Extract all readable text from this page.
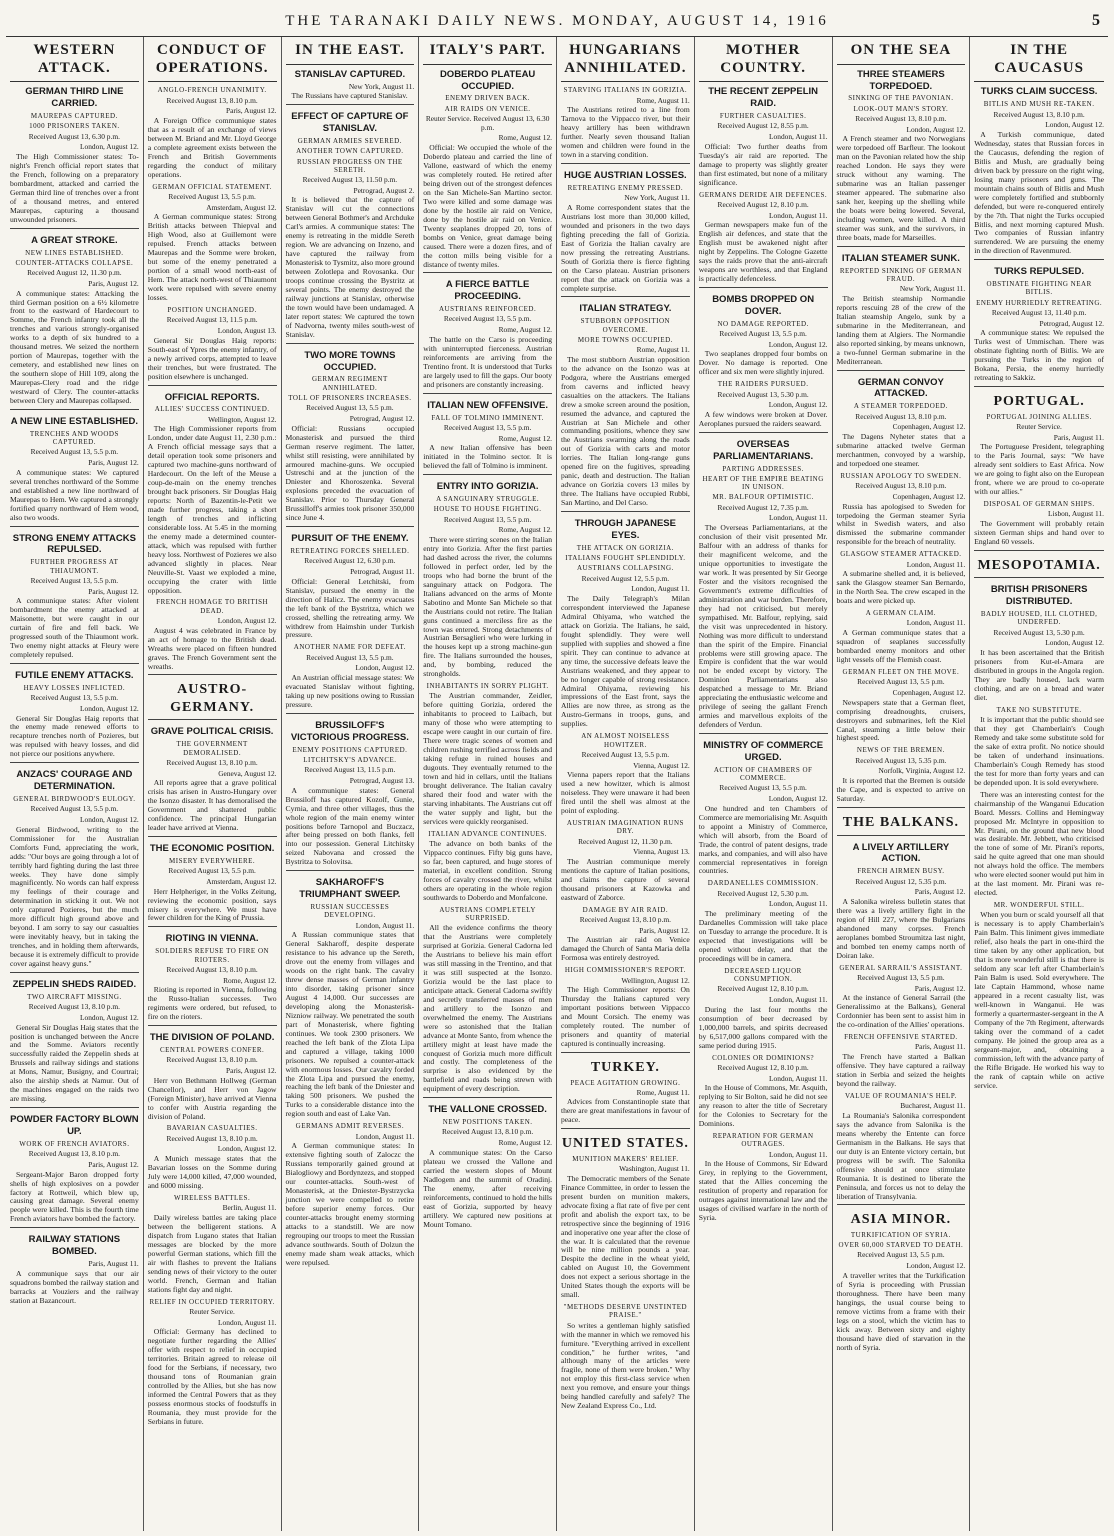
THE TARANAKI DAILY NEWS. MONDAY, AUGUST 14, 1916	5
WESTERN ATTACK.
GERMAN THIRD LINE CARRIED.
MAUREPAS CAPTURED.
1000 PRISONERS TAKEN.
Received August 13, 6.30 p.m.
London, August 12.
The High Commissioner states: To-night's French official report states that the French, following on a preparatory bombardment, attacked and carried the German third line of trenches over a front of a thousand metres, and entered Maurepas, capturing a thousand unwounded prisoners.
A GREAT STROKE.
NEW LINES ESTABLISHED.
COUNTER-ATTACKS COLLAPSE.
Received August 12, 11.30 p.m.
Paris, August 12.
A communique states: Attacking the third German position on a 6½ kilometre front to the eastward of Hardecourt to Somme, the French infantry took all the trenches and various strongly-organised works to a depth of six hundred to a thousand metres. We seized the northern portion of Maurepas, together with the cemetery, and established new lines on the southern slope of Hill 109, along the Maurepas-Clery road and the ridge westward of Clery. The counter-attacks between Clery and Maurepas collapsed.
A NEW LINE ESTABLISHED.
TRENCHES AND WOODS CAPTURED.
Received August 13, 5.5 p.m.
Paris, August 12.
A communique states: We captured several trenches northward of the Somme and established a new line northward of Maurepas to Hem. We captured a strongly fortified quarry northward of Hem wood, also two woods.
STRONG ENEMY ATTACKS REPULSED.
FURTHER PROGRESS AT THIAUMONT.
Received August 13, 5.5 p.m.
Paris, August 12.
A communique states: After violent bombardment the enemy attacked at Maisonette, but were caught in our curtain of fire and fell back. We progressed south of the Thiaumont work. Two enemy night attacks at Fleury were completely repulsed.
FUTILE ENEMY ATTACKS.
HEAVY LOSSES INFLICTED.
Received August 13, 5.5 p.m.
London, August 12.
General Sir Douglas Haig reports that the enemy made renewed efforts to recapture trenches north of Pozieres, but was repulsed with heavy losses, and did not pierce our positions anywhere.
ANZACS' COURAGE AND DETERMINATION.
GENERAL BIRDWOOD'S EULOGY.
Received August 13, 5.5 p.m.
London, August 12.
General Birdwood, writing to the Commissioner for the Australian Comforts Fund, appreciating the work, adds: "Our boys are going through a lot of terribly hard fighting during the last three weeks. They have done simply magnificently. No words can half express my feelings of their courage and determination in sticking it out. We not only captured Pozieres, but the much more difficult high ground above and beyond. I am sorry to say our casualties were inevitably heavy, but in taking the trenches, and in holding them afterwards, because it is extremely difficult to provide cover against heavy guns."
ZEPPELIN SHEDS RAIDED.
TWO AIRCRAFT MISSING.
Received August 13, 8.10 p.m.
London, August 12.
General Sir Douglas Haig states that the position is unchanged between the Ancre and the Somme. Aviators recently successfully raided the Zeppelin sheds at Brussels and railway sidings and stations at Mons, Namur, Busigny, and Courtrai; also the airship sheds at Namur. Out of the machines engaged on the raids two are missing.
POWDER FACTORY BLOWN UP.
WORK OF FRENCH AVIATORS.
Received August 13, 8.10 p.m.
Paris, August 12.
Sergeant-Major Baron dropped forty shells of high explosives on a powder factory at Rottweil, which blew up, causing great damage. Several enemy people were killed. This is the fourth time French aviators have bombed the factory.
RAILWAY STATIONS BOMBED.
Paris, August 11.
A communique says that our air squadrons bombed the railway station and barracks at Vouziers and the railway station at Bazancourt.
CONDUCT OF OPERATIONS.
ANGLO-FRENCH UNANIMITY.
Received August 13, 8.10 p.m.
Paris, August 12.
A Foreign Office communique states that as a result of an exchange of views between M. Briand and Mr. Lloyd George a complete agreement exists between the French and British Governments regarding the conduct of military operations.
GERMAN OFFICIAL STATEMENT.
Received August 13, 5.5 p.m.
Amsterdam, August 12.
A German communique states: Strong British attacks between Thiepval and High Wood, also at Guillemont were repulsed. French attacks between Maurepas and the Somme were broken, but some of the enemy penetrated a portion of a small wood north-east of Hem. The attack north-west of Thiaumont work were repulsed with severe enemy losses.
POSITION UNCHANGED.
Received August 13, 11.5 p.m.
London, August 13.
General Sir Douglas Haig reports: South-east of Ypres the enemy infantry, of a newly arrived corps, attempted to leave their trenches, but were frustrated. The position elsewhere is unchanged.
OFFICIAL REPORTS.
ALLIES' SUCCESS CONTINUED.
Wellington, August 12.
The High Commissioner reports from London, under date August 11, 2.30 p.m.: A French official message says that a detail operation took some prisoners and captured two machine-guns northward of Hardecourt. On the left of the Meuse a coup-de-main on the enemy trenches brought back prisoners. Sir Douglas Haig reports: North of Bazentin-le-Petit we made further progress, taking a short length of trenches and inflicting considerable loss. At 5.45 in the morning the enemy made a determined counter-attack, which was repulsed with further heavy loss. Northwest of Pozieres we also advanced slightly in places. Near Neuville-St. Vaast we exploded a mine, occupying the crater with little opposition.
FRENCH HOMAGE TO BRITISH DEAD.
London, August 12.
August 4 was celebrated in France by an act of homage to the British dead. Wreaths were placed on fifteen hundred graves. The French Government sent the wreaths.
AUSTRO-GERMANY.
GRAVE POLITICAL CRISIS.
THE GOVERNMENT DEMORALISED.
Received August 13, 8.10 p.m.
Geneva, August 12.
All reports agree that a grave political crisis has arisen in Austro-Hungary over the Isonzo disaster. It has demoralised the Government and shattered public confidence. The principal Hungarian leader have arrived at Vienna.
THE ECONOMIC POSITION.
MISERY EVERYWHERE.
Received August 13, 5.5 p.m.
Amsterdam, August 12.
Herr Helpheriger, in the Volks Zeitung, reviewing the economic position, says misery is everywhere. We must have fewer children for the King of Prussia.
RIOTING IN VIENNA.
SOLDIERS REFUSE TO FIRE ON RIOTERS.
Received August 13, 8.10 p.m.
Rome, August 12.
Rioting is reported in Vienna, following the Russo-Italian successes. Two regiments were ordered, but refused, to fire on the rioters.
THE DIVISION OF POLAND.
CENTRAL POWERS CONFER.
Received August 13, 8.10 p.m.
Paris, August 12.
Herr von Bethmann Hollweg (German Chancellor), and Herr von Jagow (Foreign Minister), have arrived at Vienna to confer with Austria regarding the division of Poland.
BAVARIAN CASUALTIES.
Received August 13, 8.10 p.m.
London, August 12.
A Munich message states that the Bavarian losses on the Somme during July were 14,000 killed, 47,000 wounded, and 6000 missing.
WIRELESS BATTLES.
Berlin, August 11.
Daily wireless battles are taking place between the belligerent stations. A dispatch from Lugano states that Italian messages are blocked by the more powerful German stations, which fill the air with flashes to prevent the Italians sending news of their victory to the outer world. French, German and Italian stations fight day and night.
RELIEF IN OCCUPIED TERRITORY.
Reuter Service.
London, August 11.
Official: Germany has declined to negotiate further regarding the Allies' offer with respect to relief in occupied territories. Britain agreed to release oil food for the Serbians, if necessary, two thousand tons of Roumanian grain controlled by the Allies, but she has now informed the Central Powers that as they possess enormous stocks of foodstuffs in Roumania, they must provide for the Serbians in future.
IN THE EAST.
STANISLAV CAPTURED.
New York, August 11.
The Russians have captured Stanislav.
EFFECT OF CAPTURE OF STANISLAV.
GERMAN ARMIES SEVERED.
ANOTHER TOWN CAPTURED.
RUSSIAN PROGRESS ON THE SERETH.
Received August 13, 11.50 p.m.
Petrograd, August 2.
It is believed that the capture of Stanislav will cut the connections between General Bothmer's and Archduke Carl's armies. A communique states: The enemy is retreating in the middle Sereth region. We are advancing on Inzeno, and have captured the railway from Monasterisk to Tysmitz, also more ground between Zolotlepa and Rovosanka. Our troops continue crossing the Bystritz at several points. The enemy destroyed the railway junctions at Stanislav, otherwise the town would have been undamaged. A later report states: We captured the town of Nadvorna, twenty miles south-west of Stanislav.
TWO MORE TOWNS OCCUPIED.
GERMAN REGIMENT ANNIHILATED.
TOLL OF PRISONERS INCREASES.
Received August 13, 5.5 p.m.
Petrograd, August 12.
Official: Russians occupied Monasterisk and pursued the third German reserve regiment. The latter, whilst still resisting, were annihilated by armoured machine-guns. We occupied Ustreschi and at the junction of the Dniester and Khoroszenka. Several explosions preceded the evacuation of Stanislav. Prior to Thursday General Brussilloff's armies took prisoner 350,000 since June 4.
PURSUIT OF THE ENEMY.
RETREATING FORCES SHELLED.
Received August 12, 6.30 p.m.
Petrograd, August 11.
Official: General Letchitski, from Stanislav, pursued the enemy in the direction of Halicz. The enemy evacuates the left bank of the Bystritza, which we crossed, shelling the retreating army. We withdrew from Haimshin under Turkish pressure.
ANOTHER NAME FOR DEFEAT.
Received August 13, 5.5 p.m.
London, August 12.
An Austrian official message states: We evacuated Stanislav without fighting, taking up new positions owing to Russian pressure.
BRUSSILOFF'S VICTORIOUS PROGRESS.
ENEMY POSITIONS CAPTURED.
LITCHITSKY'S ADVANCE.
Received August 13, 11.5 p.m.
Petrograd, August 13.
A communique states: General Brussiloff has captured Kozolf, Gunie, Cyrnia, and three other villages, thus the whole region of the main enemy winter positions before Tarnopol and Buczacz, after being pressed on both flanks, fell into our possession. General Litchitsky seized Nabovana and crossed the Bystritza to Solovitsa.
SAKHAROFF'S TRIUMPHANT SWEEP.
RUSSIAN SUCCESSES DEVELOPING.
London, August 11.
A Russian communique states that General Sakharoff, despite desperate resistance to his advance up the Sereth, drove out the enemy from villages and woods on the right bank. The cavalry threw dense masses of German infantry into disorder, taking prisoner since August 4 14,000. Our successes are developing along the Monasterisk-Nizniow railway. We penetrated the south part of Monasterisk, where fighting continues. We took 2300 prisoners. We reached the left bank of the Zlota Lipa and captured a village, taking 1000 prisoners. We repulsed a counter-attack with enormous losses. Our cavalry forded the Zlota Lipa and pursued the enemy, reaching the left bank of the Dniester and taking 500 prisoners. We pushed the Turks to a considerable distance into the region south and east of Lake Van.
GERMANS ADMIT REVERSES.
London, August 11.
A German communique states: In extensive fighting south of Zaloczc the Russians temporarily gained ground at Bialogliowy and Bordynzezs, and stopped our counter-attacks. South-west of Monasterisk, at the Dniester-Bystrzycka junction we were compelled to retire before superior enemy forces. Our counter-attacks brought enemy storming attacks to a standstill. We are now regrouping our troops to meet the Russian advance southwards. South of Dolzun the enemy made sham weak attacks, which were repulsed.
ITALY'S PART.
DOBERDO PLATEAU OCCUPIED.
ENEMY DRIVEN BACK.
AIR RAIDS ON VENICE.
Reuter Service. Received August 13, 6.30 p.m.
Rome, August 12.
Official: We occupied the whole of the Doberdo plateau and carried the line of Vallone, eastward of which the enemy was completely routed. He retired after being driven out of the strongest defences on the San Michele-San Martino sector. Two were killed and some damage was done by the hostile air raid on Venice, done by the hostile air raid on Venice. Twenty seaplanes dropped 20, tons of bombs on Venice, great damage being caused. There were a dozen fires, and of the cotton mills being visible for a distance of twenty miles.
A FIERCE BATTLE PROCEEDING.
AUSTRIANS REINFORCED.
Received August 13, 5.5 p.m.
Rome, August 12.
The battle on the Carso is proceeding with uninterrupted fierceness. Austrian reinforcements are arriving from the Trentino front. It is understood that Turks are largely used to fill the gaps. Our booty and prisoners are constantly increasing.
ITALIAN NEW OFFENSIVE.
FALL OF TOLMINO IMMINENT.
Received August 13, 5.5 p.m.
Rome, August 12.
A new Italian offensive has been initiated in the Tolmino sector. It is believed the fall of Tolmino is imminent.
ENTRY INTO GORIZIA.
A SANGUINARY STRUGGLE.
HOUSE TO HOUSE FIGHTING.
Received August 13, 5.5 p.m.
Rome, August 12.
There were stirring scenes on the Italian entry into Gorizia. After the first parties had dashed across the river, the columns followed in perfect order, led by the troops who had borne the brunt of the sanguinary attack on Podgora. The Italians advanced on the arms of Monte Sabotino and Monte San Michele so that the Austrians could not retire. The Italian guns continued a merciless fire as the town was entered. Strong detachments of Austrian Bersaglieri who were lurking in the houses kept up a strong machine-gun fire. The Italians surrounded the houses, and, by bombing, reduced the strongholds.
INHABITANTS IN SORRY PLIGHT.
The Austrian commander, Zeidler, before quitting Gorizia, ordered the inhabitants to proceed to Laibach, but many of those who were attempting to escape were caught in our curtain of fire. There were tragic scenes of women and children rushing terrified across fields and taking refuge in ruined houses and dugouts. They eventually returned to the town and hid in cellars, until the Italians brought deliverance. The Italian cavalry shared their food and water with the starving inhabitants. The Austrians cut off the water supply and light, but the services were quickly reorganised.
ITALIAN ADVANCE CONTINUES.
The advance on both banks of the Vippacco continues. Fifty big guns have, so far, been captured, and huge stores of material, in excellent condition. Strong forces of cavalry crossed the river, whilst others are operating in the whole region southwards to Doberdo and Monfalcone.
AUSTRIANS COMPLETELY SURPRISED.
All the evidence confirms the theory that the Austrians were completely surprised at Gorizia. General Cadorna led the Austrians to believe his main effort was still massing in the Trentino, and that it was still suspected at the Isonzo. Gorizia would be the last place to anticipate attack. General Cadorna swiftly and secretly transferred masses of men and artillery to the Isonzo and overwhelmed the enemy. The Austrians were so astonished that the Italian advance at Monte Santo, from whence the artillery might at least have made the conquest of Gorizia much more difficult and costly. The completeness of the surprise is also evidenced by the battlefield and roads being strewn with equipment of every description.
THE VALLONE CROSSED.
NEW POSITIONS TAKEN.
Received August 13, 8.10 p.m.
Rome, August 12.
A communique states: On the Carso plateau we crossed the Vallone and carried the western slopes of Mount Nadlogem and the summit of Oradinj. The enemy, after receiving reinforcements, continued to hold the hills east of Gorizia, supported by heavy artillery. We captured new positions at Mount Tomano.
HUNGARIANS ANNIHILATED.
STARVING ITALIANS IN GORIZIA.
Rome, August 11.
The Austrians retired to a line from Tarnova to the Vippacco river, but their heavy artillery has been withdrawn further. Nearly seven thousand Italian women and children were found in the town in a starving condition.
HUGE AUSTRIAN LOSSES.
RETREATING ENEMY PRESSED.
New York, August 11.
A Rome correspondent states that the Austrians lost more than 30,000 killed, wounded and prisoners in the two days fighting preceding the fall of Gorizia. East of Gorizia the Italian cavalry are now pressing the retreating Austrians. South of Gorizia there is fierce fighting on the Carso plateau. Austrian prisoners report that the attack on Gorizia was a complete surprise.
ITALIAN STRATEGY.
STUBBORN OPPOSITION OVERCOME.
MORE TOWNS OCCUPIED.
Rome, August 11.
The most stubborn Austrian opposition to the advance on the Isonzo was at Podgora, where the Austrians emerged from caverns and inflicted heavy casualties on the attackers. The Italians drew a smoke screen around the position, resumed the advance, and captured the Austrian at San Michele and other commanding positions, whence they saw the Austrians swarming along the roads out of Gorizia with carts and motor lorries. The Italian long-range guns opened fire on the fugitives, spreading panic, death and destruction. The Italian advance on Gorizia covers 13 miles by three. The Italians have occupied Rubbi, San Martino, and Del Carso.
THROUGH JAPANESE EYES.
THE ATTACK ON GORIZIA.
ITALIANS FOUGHT SPLENDIDLY.
AUSTRIANS COLLAPSING.
Received August 12, 5.5 p.m.
London, August 11.
The Daily Telegraph's Milan correspondent interviewed the Japanese Admiral Ohiyama, who watched the attack on Gorizia. The Italians, he said, fought splendidly. They were well supplied with supplies and showed a fine spirit. They can continue to advance at any time, the successive defeats leave the Austrians weakened, and they appear to be no longer capable of strong resistance. Admiral Ohiyama, reviewing his impressions of the East front, says the Allies are now three, as strong as the Austro-Germans in troops, guns, and supplies.
AN ALMOST NOISELESS HOWITZER.
Received August 13, 5.5 p.m.
Vienna, August 12.
Vienna papers report that the Italians used a new howitzer, which is almost noiseless. They were unaware it had been fired until the shell was almost at the point of exploding.
AUSTRIAN IMAGINATION RUNS DRY.
Received August 12, 11.30 p.m.
Vienna, August 13.
The Austrian communique merely mentions the capture of Italian positions, and claims the capture of several thousand prisoners at Kazowka and eastward of Zaborce.
DAMAGE BY AIR RAID.
Received August 13, 8.10 p.m.
Paris, August 12.
The Austrian air raid on Venice damaged the Church of Santa Maria della Formosa was entirely destroyed.
HIGH COMMISSIONER'S REPORT.
Wellington, August 12.
The High Commissioner reports: On Thursday the Italians captured very important positions between Vippacco and Mount Corsich. The enemy was completely routed. The number of prisoners and quantity of material captured is continually increasing.
TURKEY.
PEACE AGITATION GROWING.
Rome, August 11.
Advices from Constantinople state that there are great manifestations in favour of peace.
UNITED STATES.
MUNITION MAKERS' RELIEF.
Washington, August 11.
The Democratic members of the Senate Finance Committee, in order to lessen the present burden on munition makers, advocate fixing a flat rate of five per cent profit and abolish the export tax, to be retrospective since the beginning of 1916 and inoperative one year after the close of the war. It is calculated that the revenue will be nine million pounds a year. Despite the decline in the wheat yield, cabled on August 10, the Government does not expect a serious shortage in the United States though the exports will be small.
"METHODS DESERVE UNSTINTED PRAISE."
So writes a gentleman highly satisfied with the manner in which we removed his furniture. "Everything arrived in excellent condition," he further writes, "and although many of the articles were fragile, none of them were broken." Why not employ this first-class service when next you remove, and ensure your things being handled carefully and safely? The New Zealand Express Co., Ltd.
MOTHER COUNTRY.
THE RECENT ZEPPELIN RAID.
FURTHER CASUALTIES.
Received August 12, 8.55 p.m.
London, August 11.
Official: Two further deaths from Tuesday's air raid are reported. The damage to property was slightly greater than first estimated, but none of a military significance.
GERMANS DERIDE AIR DEFENCES.
Received August 12, 8.10 p.m.
London, August 11.
German newspapers make fun of the English air defences, and state that the English must be awakened night after night by Zeppelins. The Cologne Gazette says the raids prove that the anti-aircraft weapons are worthless, and that England is practically defenceless.
BOMBS DROPPED ON DOVER.
NO DAMAGE REPORTED.
Received August 13, 5.5 p.m.
London, August 12.
Two seaplanes dropped four bombs on Dover. No damage is reported. One officer and six men were slightly injured.
THE RAIDERS PURSUED.
Received August 13, 5.30 p.m.
London, August 12.
A few windows were broken at Dover. Aeroplanes pursued the raiders seaward.
OVERSEAS PARLIAMENTARIANS.
PARTING ADDRESSES.
HEART OF THE EMPIRE BEATING IN UNISON.
MR. BALFOUR OPTIMISTIC.
Received August 12, 7.35 p.m.
London, August 11.
The Overseas Parliamentarians, at the conclusion of their visit presented Mr. Balfour with an address of thanks for their magnificent welcome, and the unique opportunities to investigate the war work. It was presented by Sir George Foster and the visitors recognised the Government's extreme difficulties of administration and war burden. Therefore, they had not criticised, but merely sympathised. Mr. Balfour, replying, said the visit was unprecedented in history. Nothing was more difficult to understand than the spirit of the Empire. Financial problems were still growing apace. The Empire is confident that the war would not be ended except by victory. The Dominion Parliamentarians also despatched a message to Mr. Briand appreciating the enthusiastic welcome and privilege of seeing the gallant French armies and marvellous exploits of the defenders of Verdun.
MINISTRY OF COMMERCE URGED.
ACTION OF CHAMBERS OF COMMERCE.
Received August 13, 5.5 p.m.
London, August 12.
One hundred and ten Chambers of Commerce are memorialising Mr. Asquith to appoint a Ministry of Commerce, which will absorb, from the Board of Trade, the control of patent designs, trade marks, and companies, and will also have commercial representatives in foreign countries.
DARDANELLES COMMISSION.
Received August 12, 5.30 p.m.
London, August 11.
The preliminary meeting of the Dardanelles Commission will take place on Tuesday to arrange the procedure. It is expected that investigations will be opened without delay, and that the proceedings will be in camera.
DECREASED LIQUOR CONSUMPTION.
Received August 12, 8.10 p.m.
London, August 11.
During the last four months the consumption of beer decreased by 1,000,000 barrels, and spirits decreased by 6,517,000 gallons compared with the same period during 1915.
COLONIES OR DOMINIONS?
Received August 12, 8.10 p.m.
London, August 11.
In the House of Commons, Mr. Asquith, replying to Sir Bolton, said he did not see any reason to alter the title of Secretary for the Colonies to Secretary for the Dominions.
REPARATION FOR GERMAN OUTRAGES.
London, August 11.
In the House of Commons, Sir Edward Grey, in replying to the Government, stated that the Allies concerning the restitution of property and reparation for outrages against international law and the usages of civilised warfare in the north of Syria.
ON THE SEA
THREE STEAMERS TORPEDOED.
SINKING OF THE PAVONIAN.
LOOK-OUT MAN'S STORY.
Received August 13, 8.10 p.m.
London, August 12.
A French steamer and two Norwegians were torpedoed off Barfleur. The lookout man on the Pavonian related how the ship reached London. He says they were struck without any warning. The submarine was an Italian passenger steamer appeared. The submarine also sank her, keeping up the shelling while the boats were being lowered. Several, including women, were killed. A third steamer was sunk, and the survivors, in three boats, made for Marseilles.
ITALIAN STEAMER SUNK.
REPORTED SINKING OF GERMAN FRAUD.
New York, August 11.
The British steamship Normandie reports rescuing 28 of the crew of the Italian steamship Angelo, sunk by a submarine in the Mediterranean, and landing them at Algiers. The Normandie also reported sinking, by means unknown, a two-funnel German submarine in the Mediterranean.
GERMAN CONVOY ATTACKED.
A STEAMER TORPEDOED.
Received August 13, 8.10 p.m.
Copenhagen, August 12.
The Dagens Nyheter states that a submarine attacked twelve German merchantmen, convoyed by a warship, and torpedoed one steamer.
RUSSIAN APOLOGY TO SWEDEN.
Received August 13, 8.10 p.m.
Copenhagen, August 12.
Russia has apologised to Sweden for torpedoing the German steamer Syria whilst in Swedish waters, and also dismissed the submarine commander responsible for the breach of neutrality.
GLASGOW STEAMER ATTACKED.
London, August 11.
A submarine shelled and, it is believed, sank the Glasgow steamer San Bernardo, in the North Sea. The crew escaped in the boats and were picked up.
A GERMAN CLAIM.
London, August 11.
A German communique states that a squadron of seaplanes successfully bombarded enemy monitors and other light vessels off the Flemish coast.
GERMAN FLEET ON THE MOVE.
Received August 13, 5.5 p.m.
Copenhagen, August 12.
Newspapers state that a German fleet, comprising dreadnoughts, cruisers, destroyers and submarines, left the Kiel Canal, steaming a little below their highest speed.
NEWS OF THE BREMEN.
Received August 13, 5.35 p.m.
Norfolk, Virginia, August 12.
It is reported that the Bremen is outside the Cape, and is expected to arrive on Saturday.
THE BALKANS.
A LIVELY ARTILLERY ACTION.
FRENCH AIRMEN BUSY.
Received August 12, 5.35 p.m.
Paris, August 12.
A Salonika wireless bulletin states that there was a lively artillery fight in the region of Hill 227, where the Bulgarians abandoned many corpses. French aeroplanes bombed Stroumitza last night, and bombed ten enemy camps north of Doiran lake.
GENERAL SARRAIL'S ASSISTANT.
Received August 13, 5.5 p.m.
Paris, August 12.
At the instance of General Sarrail (the Generalissimo at the Balkans), General Cordonnier has been sent to assist him in the co-ordination of the Allies' operations.
FRENCH OFFENSIVE STARTED.
Paris, August 11.
The French have started a Balkan offensive. They have captured a railway station in Serbia and seized the heights beyond the railway.
VALUE OF ROUMANIA'S HELP.
Bucharest, August 11.
La Roumania's Salonika correspondent says the advance from Salonika is the means whereby the Entente can force Germanism in the Balkans. He says that our duty is an Entente victory certain, but progress will be swift. The Salonika offensive should at once stimulate Roumania. It is destined to liberate the Peninsula, and forces us not to delay the liberation of Transylvania.
ASIA MINOR.
TURKIFICATION OF SYRIA.
OVER 60,000 STARVED TO DEATH.
Received August 13, 5.5 p.m.
London, August 12.
A traveller writes that the Turkification of Syria is proceeding with Prussian thoroughness. There have been many hangings, the usual course being to remove victims from a frame with their legs on a stool, which the victim has to kick away. Between sixty and eighty thousand have died of starvation in the north of Syria.
IN THE CAUCASUS
TURKS CLAIM SUCCESS.
BITLIS AND MUSH RE-TAKEN.
Received August 13, 8.10 p.m.
London, August 12.
A Turkish communique, dated Wednesday, states that Russian forces in the Caucasus, defending the region of Bitlis and Mush, are gradually being driven back by pressure on the right wing, losing many prisoners and guns. The mountain chains south of Bitlis and Mush were completely fortified and stubbornly defended, but were re-conquered entirely by the 7th. That night the Turks occupied Bitlis, and next morning captured Mush. Two companies of Russian infantry surrendered. We are pursuing the enemy in the direction of Ravenmured.
TURKS REPULSED.
OBSTINATE FIGHTING NEAR BITLIS.
ENEMY HURRIEDLY RETREATING.
Received August 13, 11.40 p.m.
Petrograd, August 12.
A communique states: We repulsed the Turks west of Ummischan. There was obstinate fighting north of Bitlis. We are pursuing the Turks in the region of Bokana, Persia, the enemy hurriedly retreating to Sakkiz.
PORTUGAL.
PORTUGAL JOINING ALLIES.
Reuter Service.
Paris, August 11.
The Portuguese President, telegraphing to the Paris Journal, says: "We have already sent soldiers to East Africa. Now we are going to fight also on the European front, where we are proud to co-operate with our allies."
DISPOSAL OF GERMAN SHIPS.
Lisbon, August 11.
The Government will probably retain sixteen German ships and hand over to England 60 vessels.
MESOPOTAMIA.
BRITISH PRISONERS DISTRIBUTED.
BADLY HOUSED, ILL CLOTHED, UNDERFED.
Received August 13, 5.30 p.m.
London, August 12.
It has been ascertained that the British prisoners from Kut-el-Amara are distributed in groups in the Angola region. They are badly housed, lack warm clothing, and are on a bread and water diet.
TAKE NO SUBSTITUTE.
It is important that the public should see that they get Chamberlain's Cough Remedy and take some substitute sold for the sake of extra profit. No notice should be taken of underhand insinuations. Chamberlain's Cough Remedy has stood the test for more than forty years and can be depended upon. It is sold everywhere.
There was an interesting contest for the chairmanship of the Wanganui Education Board. Messrs. Collins and Hemingway proposed Mr. McIntyre in opposition to Mr. Pirani, on the ground that new blood was desirable. Mr. Jebbett, who criticised the tone of some of Mr. Pirani's reports, said he quite agreed that one man should not always hold the office. The members who were elected sooner would put him in at the last moment. Mr. Pirani was re-elected.
MR. WONDERFUL STILL.
When you burn or scald yourself all that is necessary is to apply Chamberlain's Pain Balm. This liniment gives immediate relief, also heals the part in one-third the time taken by any other application, but that is more wonderful still is that there is seldom any scar left after Chamberlain's Pain Balm is used. Sold everywhere. The late Captain Hammond, whose name appeared in a recent casualty list, was well-known in Wanganui. He was formerly a quartermaster-sergeant in the A Company of the 7th Regiment, afterwards taking over the command of a cadet company. He joined the group area as a sergeant-major, and, obtaining a commission, left with the advance party of the Rifle Brigade. He worked his way to the rank of captain while on active service.
